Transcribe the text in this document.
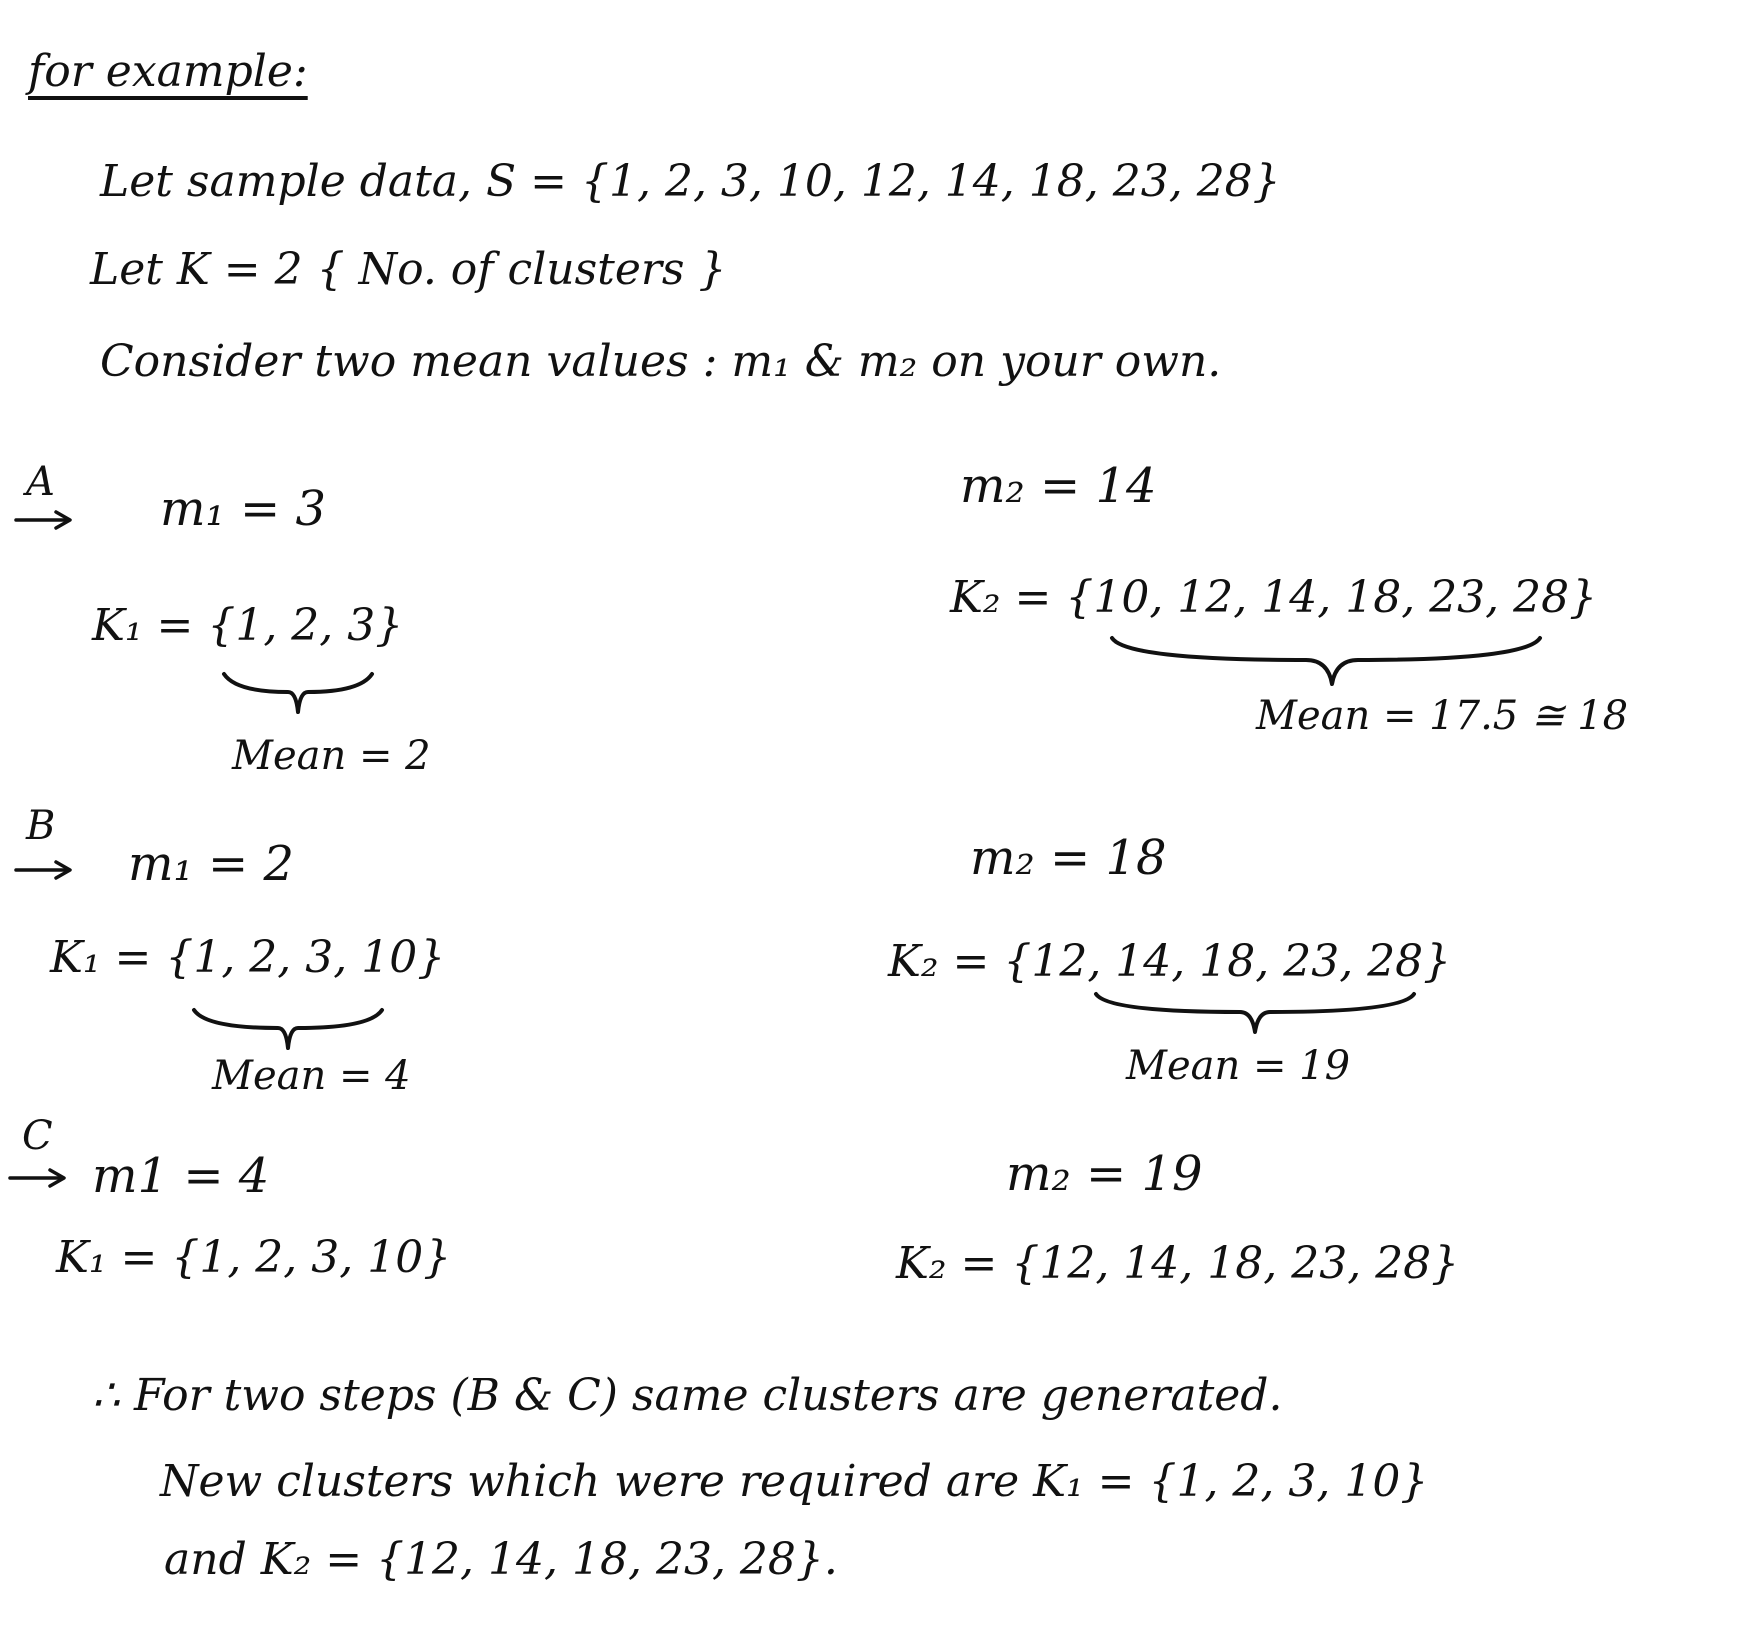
for example:
Let sample data, S = {1, 2, 3, 10, 12, 14, 18, 23, 28}
Let K = 2 { No. of clusters }
Consider two mean values : m₁ & m₂ on your own.
A m₁ = 3	m₂ = 14
K₁ = {1, 2, 3}
Mean = 2
K₂ = {10, 12, 14, 18, 23, 28}
Mean = 17.5 ≅ 18
B
m₁ = 2	m₂ = 18
K₁ = {1, 2, 3, 10}
Mean = 4
K₂ = {12, 14, 18, 23, 28}
Mean = 19
C
m1 = 4	m₂ = 19
K₁ = {1, 2, 3, 10}	K₂ = {12, 14, 18, 23, 28}
∴ For two steps (B & C) same clusters are generated.
New clusters which were required are K₁ = {1, 2, 3, 10}
and K₂ = {12, 14, 18, 23, 28}.
